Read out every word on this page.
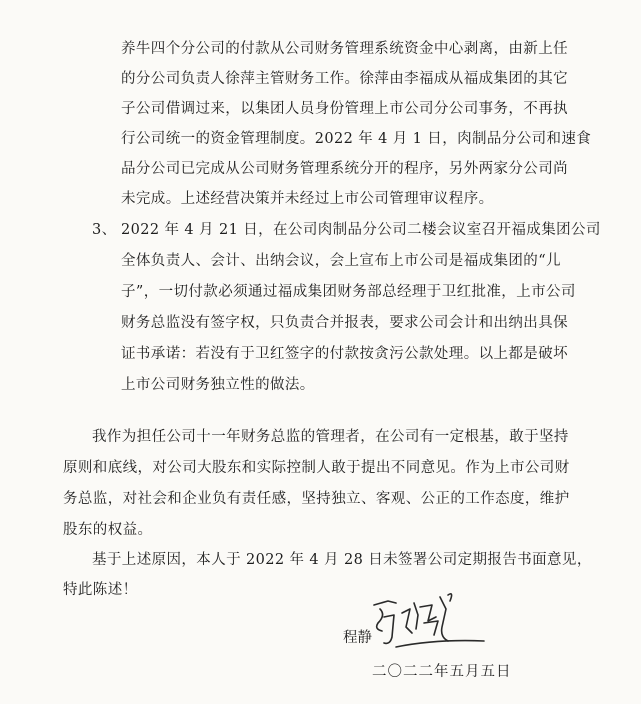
养牛四个分公司的付款从公司财务管理系统资金中心剥离，由新上任
的分公司负责人徐萍主管财务工作。徐萍由李福成从福成集团的其它
子公司借调过来，以集团人员身份管理上市公司分公司事务，不再执
行公司统一的资金管理制度。2022 年 4 月 1 日，肉制品分公司和速食
品分公司已完成从公司财务管理系统分开的程序，另外两家分公司尚
未完成。上述经营决策并未经过上市公司管理审议程序。
3、 2022 年 4 月 21 日，在公司肉制品分公司二楼会议室召开福成集团公司
全体负责人、会计、出纳会议，会上宣布上市公司是福成集团的“儿
子”，一切付款必须通过福成集团财务部总经理于卫红批准，上市公司
财务总监没有签字权，只负责合并报表，要求公司会计和出纳出具保
证书承诺：若没有于卫红签字的付款按贪污公款处理。以上都是破坏
上市公司财务独立性的做法。
我作为担任公司十一年财务总监的管理者，在公司有一定根基，敢于坚持
原则和底线，对公司大股东和实际控制人敢于提出不同意见。作为上市公司财
务总监，对社会和企业负有责任感，坚持独立、客观、公正的工作态度，维护
股东的权益。
基于上述原因，本人于 2022 年 4 月 28 日未签署公司定期报告书面意见，
特此陈述！
程静
二〇二二年五月五日
